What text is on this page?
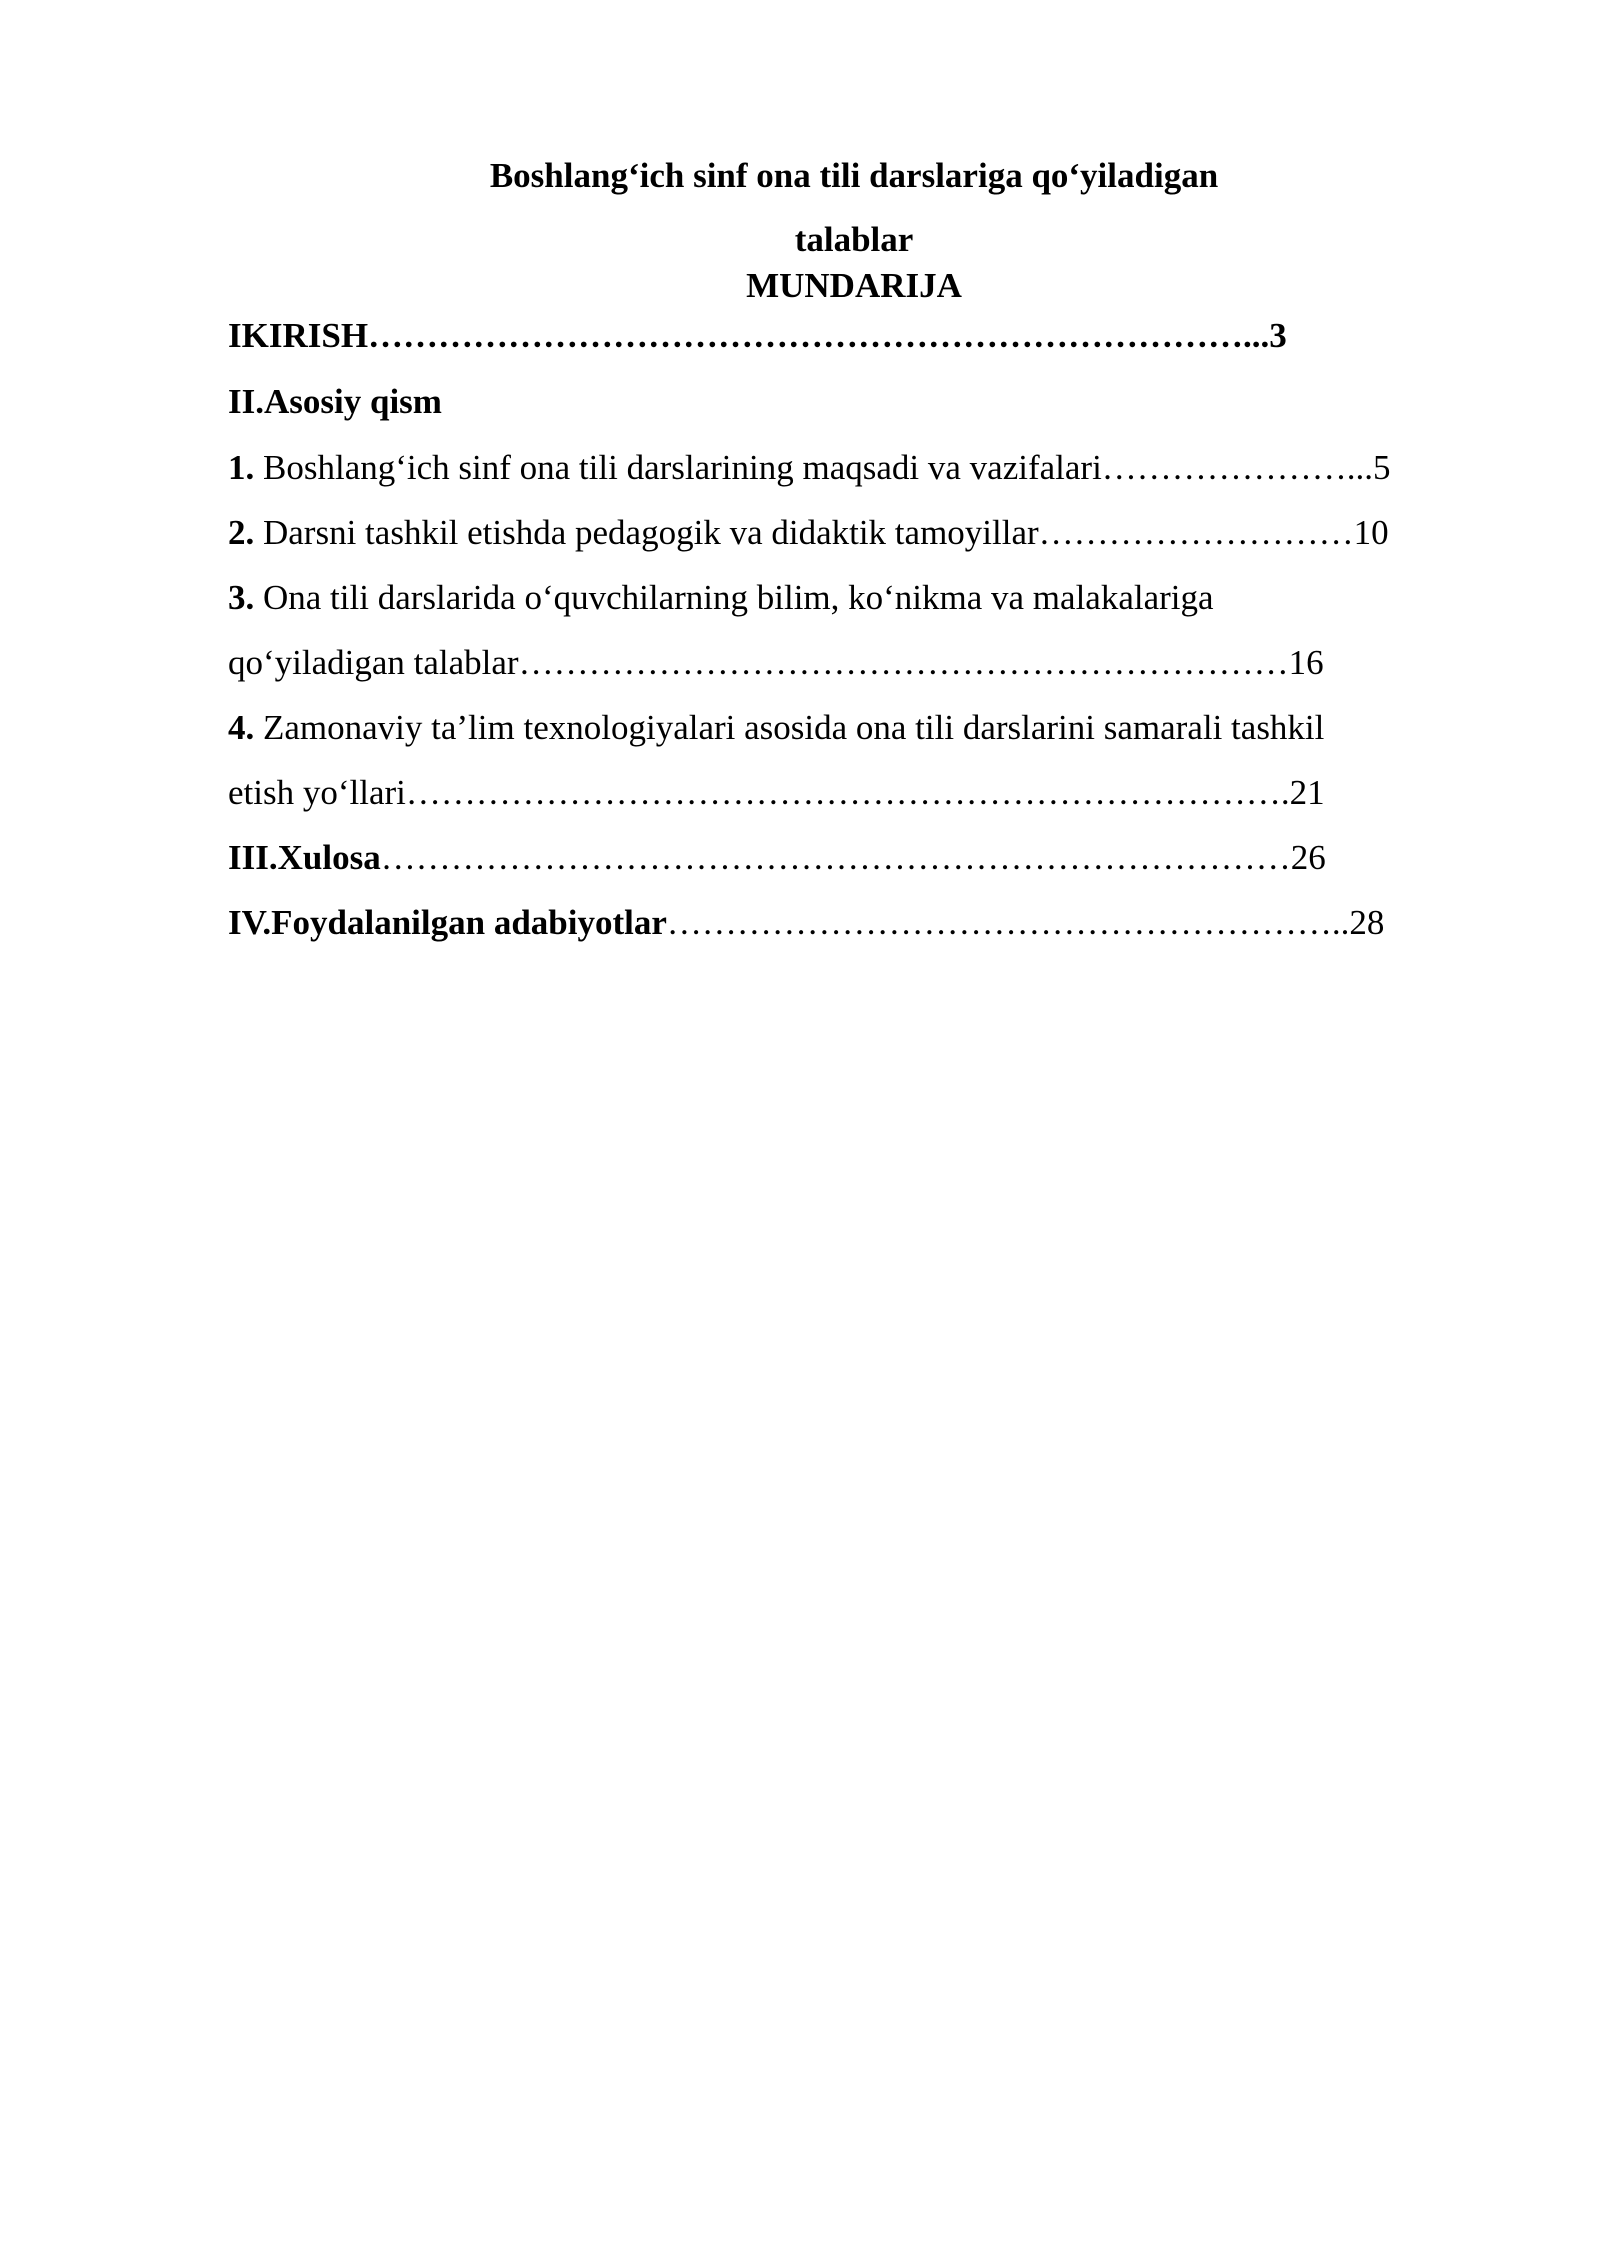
Boshlang‘ich sinf ona tili darslariga qo‘yiladigan
talablar
MUNDARIJA
IKIRISH…………………………………………………………………...3
II.Asosiy qism
1. Boshlang‘ich sinf ona tili darslarining maqsadi va vazifalari…………………...5
2. Darsni tashkil etishda pedagogik va didaktik tamoyillar………………………10
3. Ona tili darslarida o‘quvchilarning bilim, ko‘nikma va malakalariga
qo‘yiladigan talablar…………………………………………………………16
4. Zamonaviy ta’lim texnologiyalari asosida ona tili darslarini samarali tashkil
etish yo‘llari………………………………………………………………….21
III.Xulosa……………………………………………………………………26
IV.Foydalanilgan adabiyotlar…………………………………………………..28
